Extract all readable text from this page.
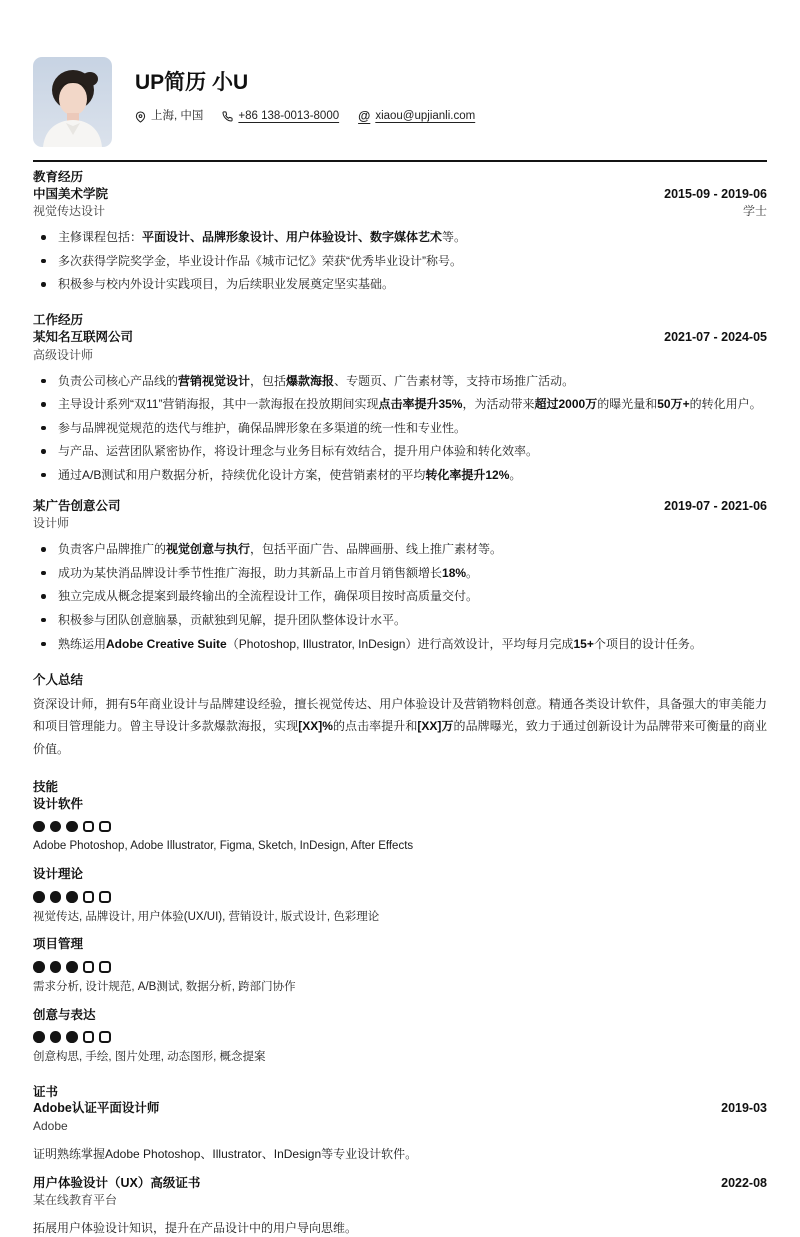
UP简历 小U
上海, 中国	+86 138-0013-8000 @ xiaou@upjianli.com
教育经历
中国美术学院
视觉传达设计
2015-09 - 2019-06
学士
主修课程包括：平面设计、品牌形象设计、用户体验设计、数字媒体艺术等。
多次获得学院奖学金，毕业设计作品《城市记忆》荣获“优秀毕业设计”称号。
积极参与校内外设计实践项目，为后续职业发展奠定坚实基础。
工作经历
某知名互联网公司
高级设计师
2021-07 - 2024-05
负责公司核心产品线的营销视觉设计，包括爆款海报、专题页、广告素材等，支持市场推广活动。
主导设计系列“双11”营销海报，其中一款海报在投放期间实现点击率提升35%，为活动带来超过2000万的曝光量和50万+的转化用户。
参与品牌视觉规范的迭代与维护，确保品牌形象在多渠道的统一性和专业性。
与产品、运营团队紧密协作，将设计理念与业务目标有效结合，提升用户体验和转化效率。
通过A/B测试和用户数据分析，持续优化设计方案，使营销素材的平均转化率提升12%。
某广告创意公司
设计师
2019-07 - 2021-06
负责客户品牌推广的视觉创意与执行，包括平面广告、品牌画册、线上推广素材等。
成功为某快消品牌设计季节性推广海报，助力其新品上市首月销售额增长18%。
独立完成从概念提案到最终输出的全流程设计工作，确保项目按时高质量交付。
积极参与团队创意脑暴，贡献独到见解，提升团队整体设计水平。
熟练运用Adobe Creative Suite（Photoshop, Illustrator, InDesign）进行高效设计，平均每月完成15+个项目的设计任务。
个人总结

资深设计师，拥有5年商业设计与品牌建设经验，擅长视觉传达、用户体验设计及营销物料创意。精通各类设计软件，具备强大的审美能力和项目管理能力。曾主导设计多款爆款海报，实现[XX]%的点击率提升和[XX]万的品牌曝光，致力于通过创新设计为品牌带来可衡量的商业价值。

技能
设计软件
Adobe Photoshop, Adobe Illustrator, Figma, Sketch, InDesign, After Effects
设计理论
视觉传达, 品牌设计, 用户体验(UX/UI), 营销设计, 版式设计, 色彩理论
项目管理
需求分析, 设计规范, A/B测试, 数据分析, 跨部门协作
创意与表达
创意构思, 手绘, 图片处理, 动态图形, 概念提案
证书
Adobe认证平面设计师
Adobe
2019-03
证明熟练掌握Adobe Photoshop、Illustrator、InDesign等专业设计软件。
用户体验设计（UX）高级证书
某在线教育平台
2022-08
拓展用户体验设计知识，提升在产品设计中的用户导向思维。
